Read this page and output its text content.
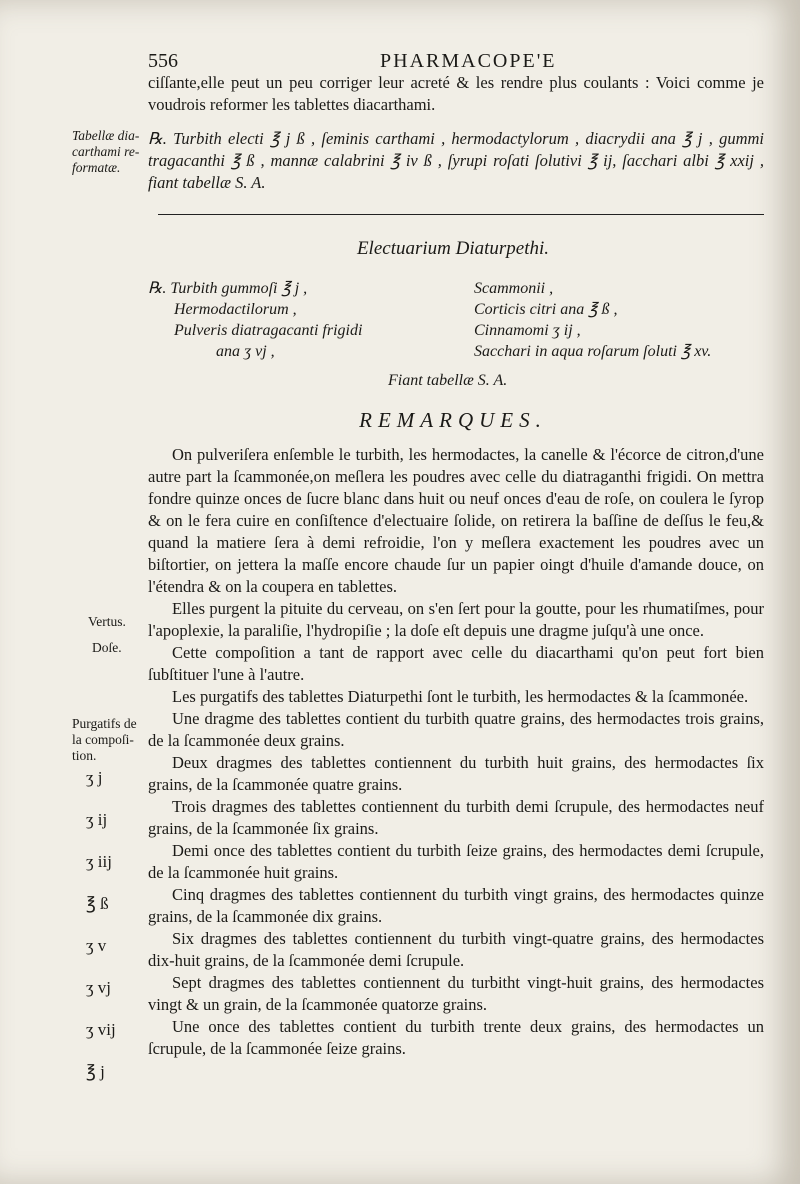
556	PHARMACOPE'E

ciſſante,elle peut un peu corriger leur acreté & les rendre plus coulants : Voici comme je voudrois reformer les tablettes diacarthami.

Tabellæ dia-
carthami re-
formatæ.

℞. Turbith electi ℥ j ß , ſeminis carthami , hermodactylorum , diacrydii ana ℥ j , gummi tragacanthi ℥ ß , mannæ calabrini ℥ iv ß , ſyrupi roſati ſolutivi ℥ ij, ſacchari albi ℥ xxij , fiant tabellæ S. A.

Electuarium Diaturpethi.
℞. Turbith gummoſi ℥ j ,
Hermodactilorum ,
Pulveris diatragacanti frigidi
ana ʒ vj ,
Scammonii ,
Corticis citri ana ℥ ß ,
Cinnamomi ʒ ij ,
Sacchari in aqua roſarum ſoluti ℥ xv.
Fiant tabellæ S. A.
REMARQUES.

On pulveriſera enſemble le turbith, les hermodactes, la canelle & l'écorce de citron,d'une autre part la ſcammonée,on meſlera les poudres avec celle du diatraganthi frigidi. On mettra fondre quinze onces de ſucre blanc dans huit ou neuf onces d'eau de roſe, on coulera le ſyrop & on le fera cuire en conſiſtence d'electuaire ſolide, on retirera la baſſine de deſſus le feu,& quand la matiere ſera à demi refroidie, l'on y meſlera exactement les poudres avec un biſtortier, on jettera la maſſe encore chaude ſur un papier oingt d'huile d'amande douce, on l'étendra & on la coupera en tablettes.

Elles purgent la pituite du cerveau, on s'en ſert pour la goutte, pour les rhumatiſmes, pour l'apoplexie, la paraliſie, l'hydropiſie ; la doſe eſt depuis une dragme juſqu'à une once.

Cette compoſition a tant de rapport avec celle du diacarthami qu'on peut fort bien ſubſtituer l'une à l'autre.

Les purgatifs des tablettes Diaturpethi ſont le turbith, les hermodactes & la ſcammonée.

Une dragme des tablettes contient du turbith quatre grains, des hermodactes trois grains, de la ſcammonée deux grains.

Deux dragmes des tablettes contiennent du turbith huit grains, des hermodactes ſix grains, de la ſcammonée quatre grains.

Trois dragmes des tablettes contiennent du turbith demi ſcrupule, des hermodactes neuf grains, de la ſcammonée ſix grains.

Demi once des tablettes contient du turbith ſeize grains, des hermodactes demi ſcrupule, de la ſcammonée huit grains.

Cinq dragmes des tablettes contiennent du turbith vingt grains, des hermodactes quinze grains, de la ſcammonée dix grains.

Six dragmes des tablettes contiennent du turbith vingt-quatre grains, des hermodactes dix-huit grains, de la ſcammonée demi ſcrupule.

Sept dragmes des tablettes contiennent du turbitht vingt-huit grains, des hermodactes vingt & un grain, de la ſcammonée quatorze grains.

Une once des tablettes contient du turbith trente deux grains, des hermodactes un ſcrupule, de la ſcammonée ſeize grains.

Vertus.
Doſe.
Purgatifs de
la compoſi-
tion.
ʒ j
ʒ ij
ʒ iij
℥ ß
ʒ v
ʒ vj
ʒ vij
℥ j
